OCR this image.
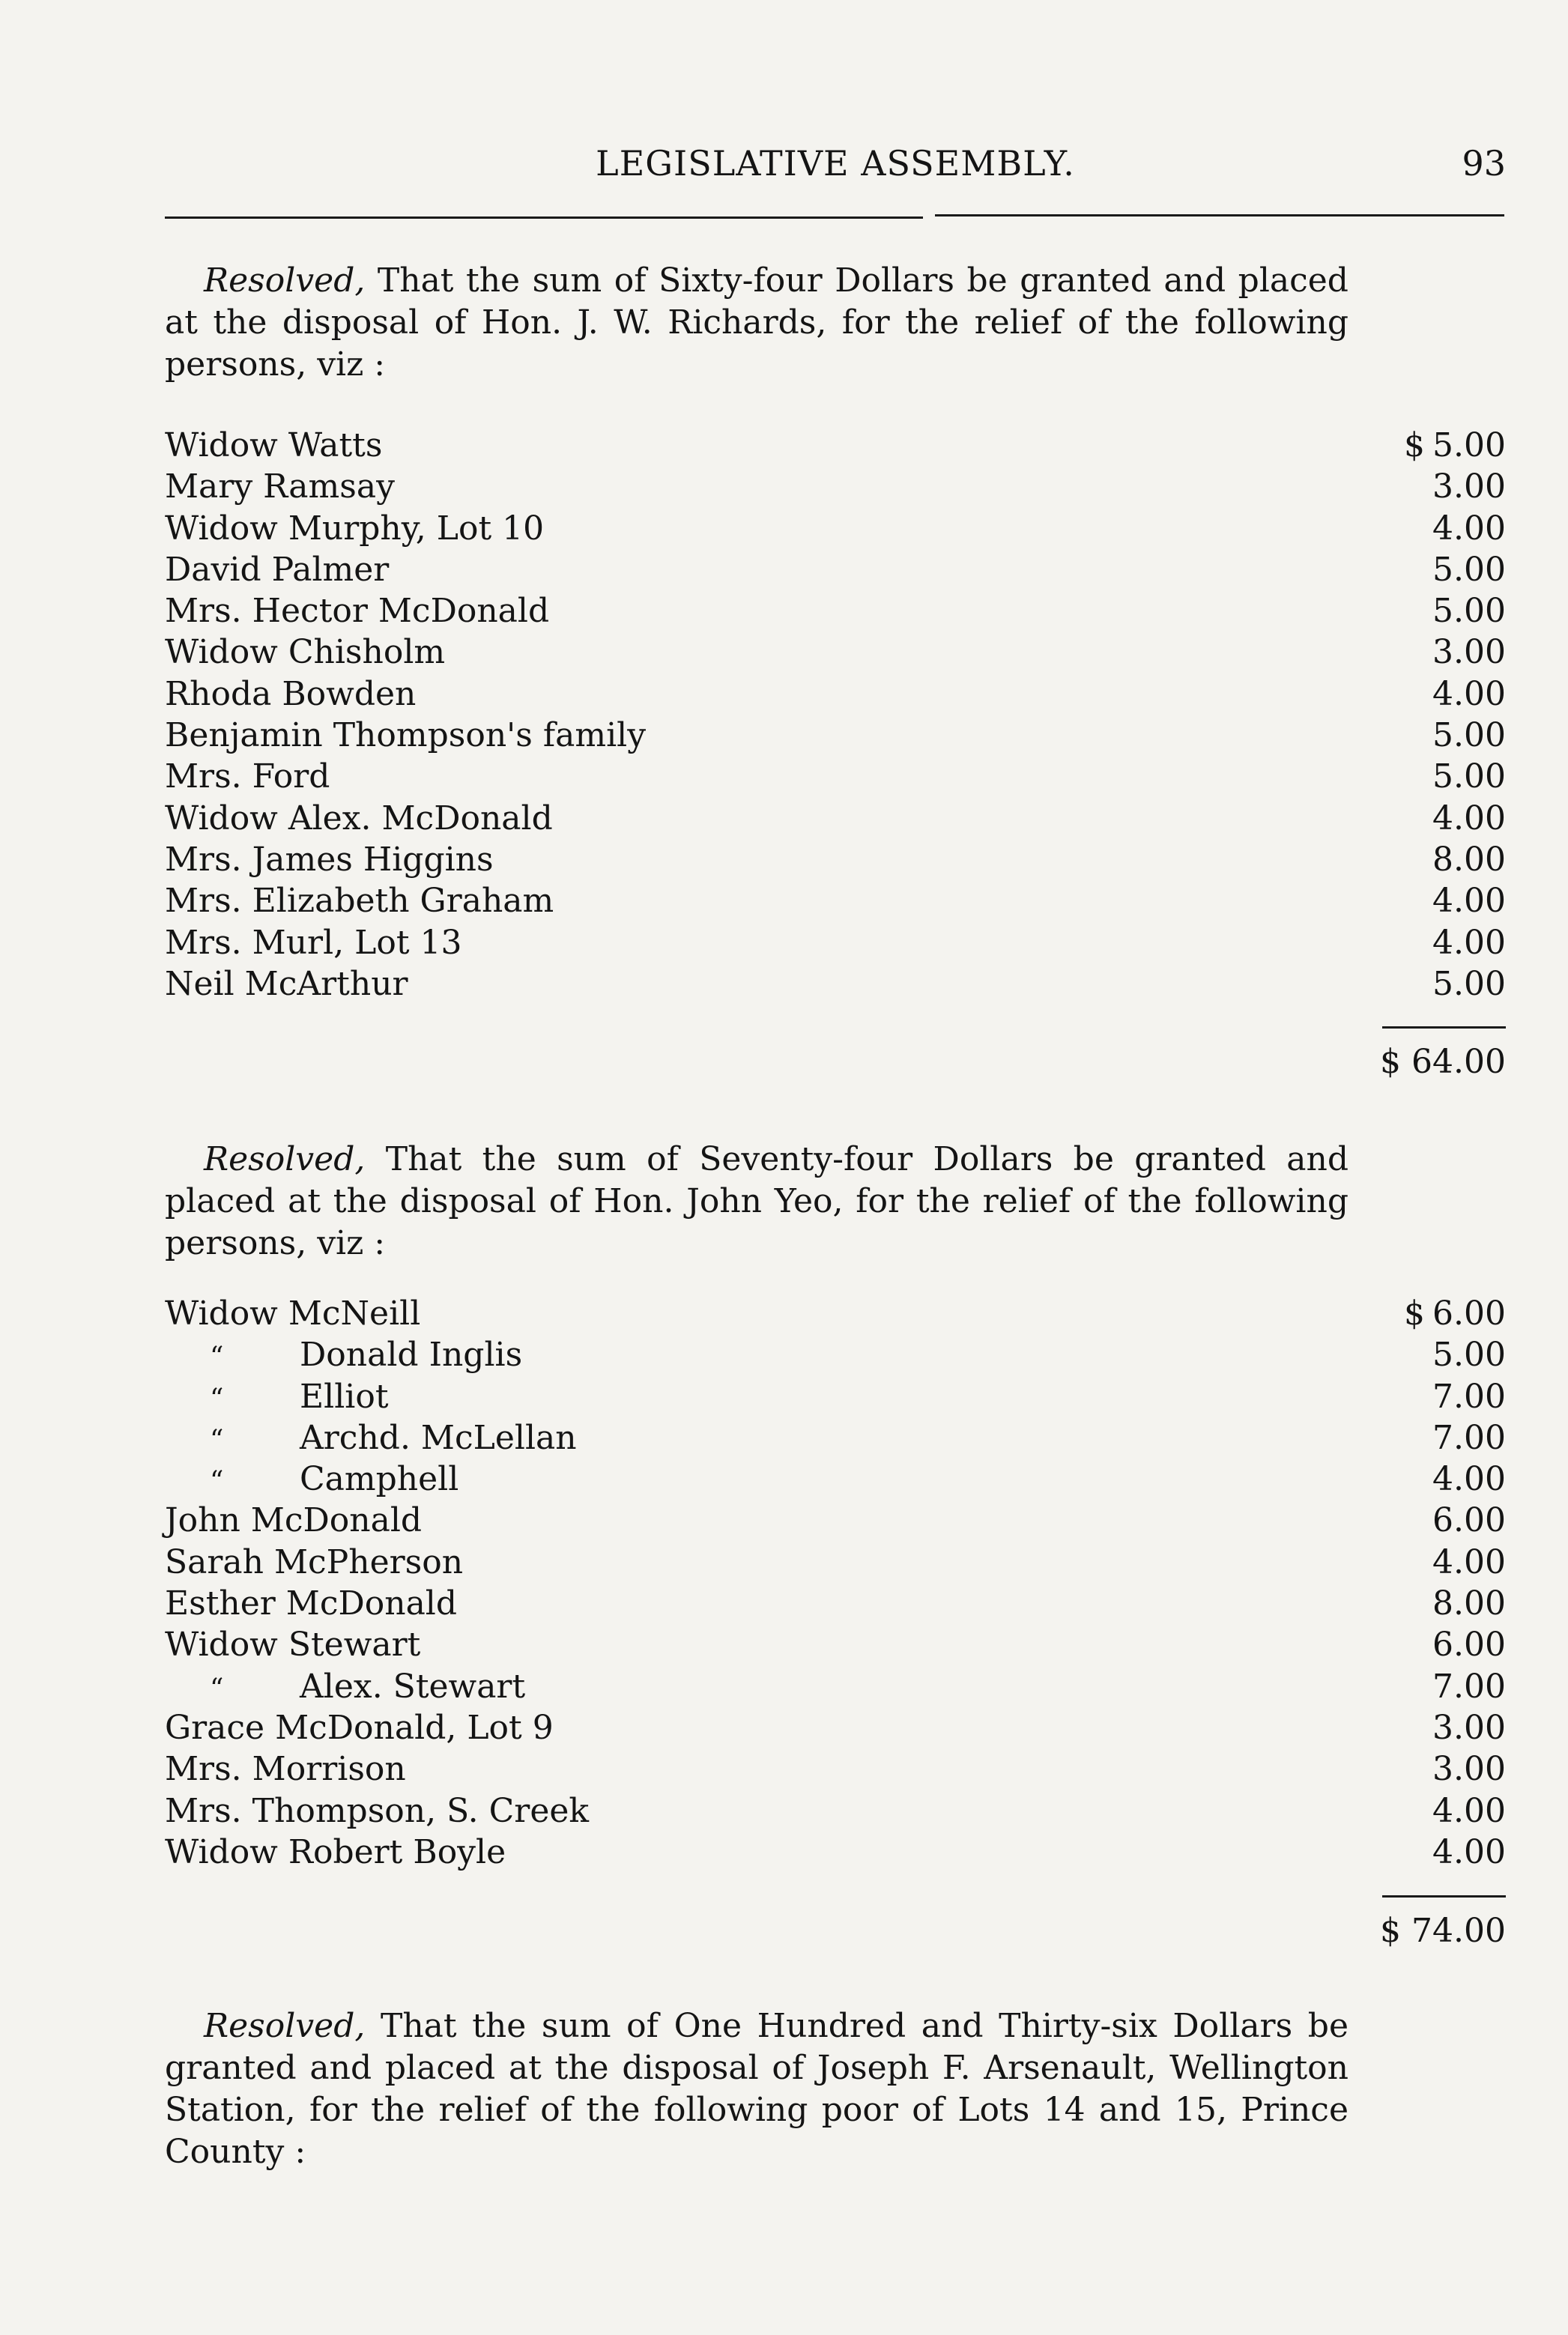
LEGISLATIVE ASSEMBLY.	93
Resolved, That the sum of Sixty-four Dollars be granted and placed at the disposal of Hon. J. W. Richards, for the relief of the following persons, viz :
Widow Watts	$ 5.00
Mary Ramsay	3.00
Widow Murphy, Lot 10	4.00
David Palmer	5.00
Mrs. Hector McDonald	5.00
Widow Chisholm	3.00
Rhoda Bowden	4.00
Benjamin Thompson's family	5.00
Mrs. Ford	5.00
Widow Alex. McDonald	4.00
Mrs. James Higgins	8.00
Mrs. Elizabeth Graham	4.00
Mrs. Murl, Lot 13	4.00
Neil McArthur	5.00
$ 64.00
Resolved, That the sum of Seventy-four Dollars be granted and placed at the disposal of Hon. John Yeo, for the relief of the following persons, viz :
Widow McNeill	$ 6.00
“ Donald Inglis	5.00
“ Elliot	7.00
“ Archd. McLellan	7.00
“ Camphell	4.00
John McDonald	6.00
Sarah McPherson	4.00
Esther McDonald	8.00
Widow Stewart	6.00
“ Alex. Stewart	7.00
Grace McDonald, Lot 9	3.00
Mrs. Morrison	3.00
Mrs. Thompson, S. Creek	4.00
Widow Robert Boyle	4.00
$ 74.00
Resolved, That the sum of One Hundred and Thirty-six Dollars be granted and placed at the disposal of Joseph F. Arsenault, Wellington Station, for the relief of the following poor of Lots 14 and 15, Prince County :
